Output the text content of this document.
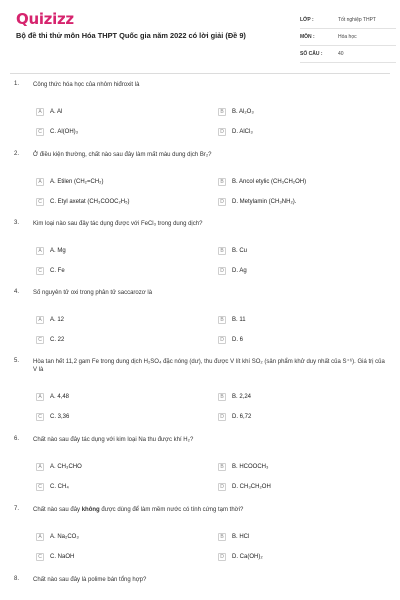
Quizizz
Bộ đề thi thử môn Hóa THPT Quốc gia năm 2022 có lời giải (Đề 9)
LỚP :	Tốt nghiệp THPT
MÔN :	Hóa học
SỐ CÂU :	40
1. Công thức hóa học của nhôm hiđroxit là
A	A. Al	B	B. Al₂O₃
C	C. Al(OH)₃	D	D. AlCl₃
2. Ở điều kiện thường, chất nào sau đây làm mất màu dung dịch Br₂?
A	A. Etilen (CH₂=CH₂)	B	B. Ancol etylic (CH₃CH₂OH)
C	C. Etyl axetat (CH₃COOC₂H₅)	D	D. Metylamin (CH₃NH₂).
3. Kim loại nào sau đây tác dụng được với FeCl₃ trong dung dịch?
A	A. Mg	B	B. Cu
C	C. Fe	D	D. Ag
4. Số nguyên tử oxi trong phân tử saccarozơ là
A	A. 12	B	B. 11
C	C. 22	D	D. 6
5. Hòa tan hết 11,2 gam Fe trong dung dịch H₂SO₄ đặc nóng (dư), thu được V lít khí SO₂ (sản phẩm khử duy nhất của S⁺⁶). Giá trị của V là
A	A. 4,48	B	B. 2,24
C	C. 3,36	D	D. 6,72
6. Chất nào sau đây tác dụng với kim loại Na thu được khí H₂?
A	A. CH₃CHO	B	B. HCOOCH₃
C	C. CH₄	D	D. CH₃CH₂OH
7. Chất nào sau đây không được dùng để làm mềm nước có tính cứng tạm thời?
A	A. Na₂CO₃	B	B. HCl
C	C. NaOH	D	D. Ca(OH)₂
8. Chất nào sau đây là polime bán tổng hợp?
